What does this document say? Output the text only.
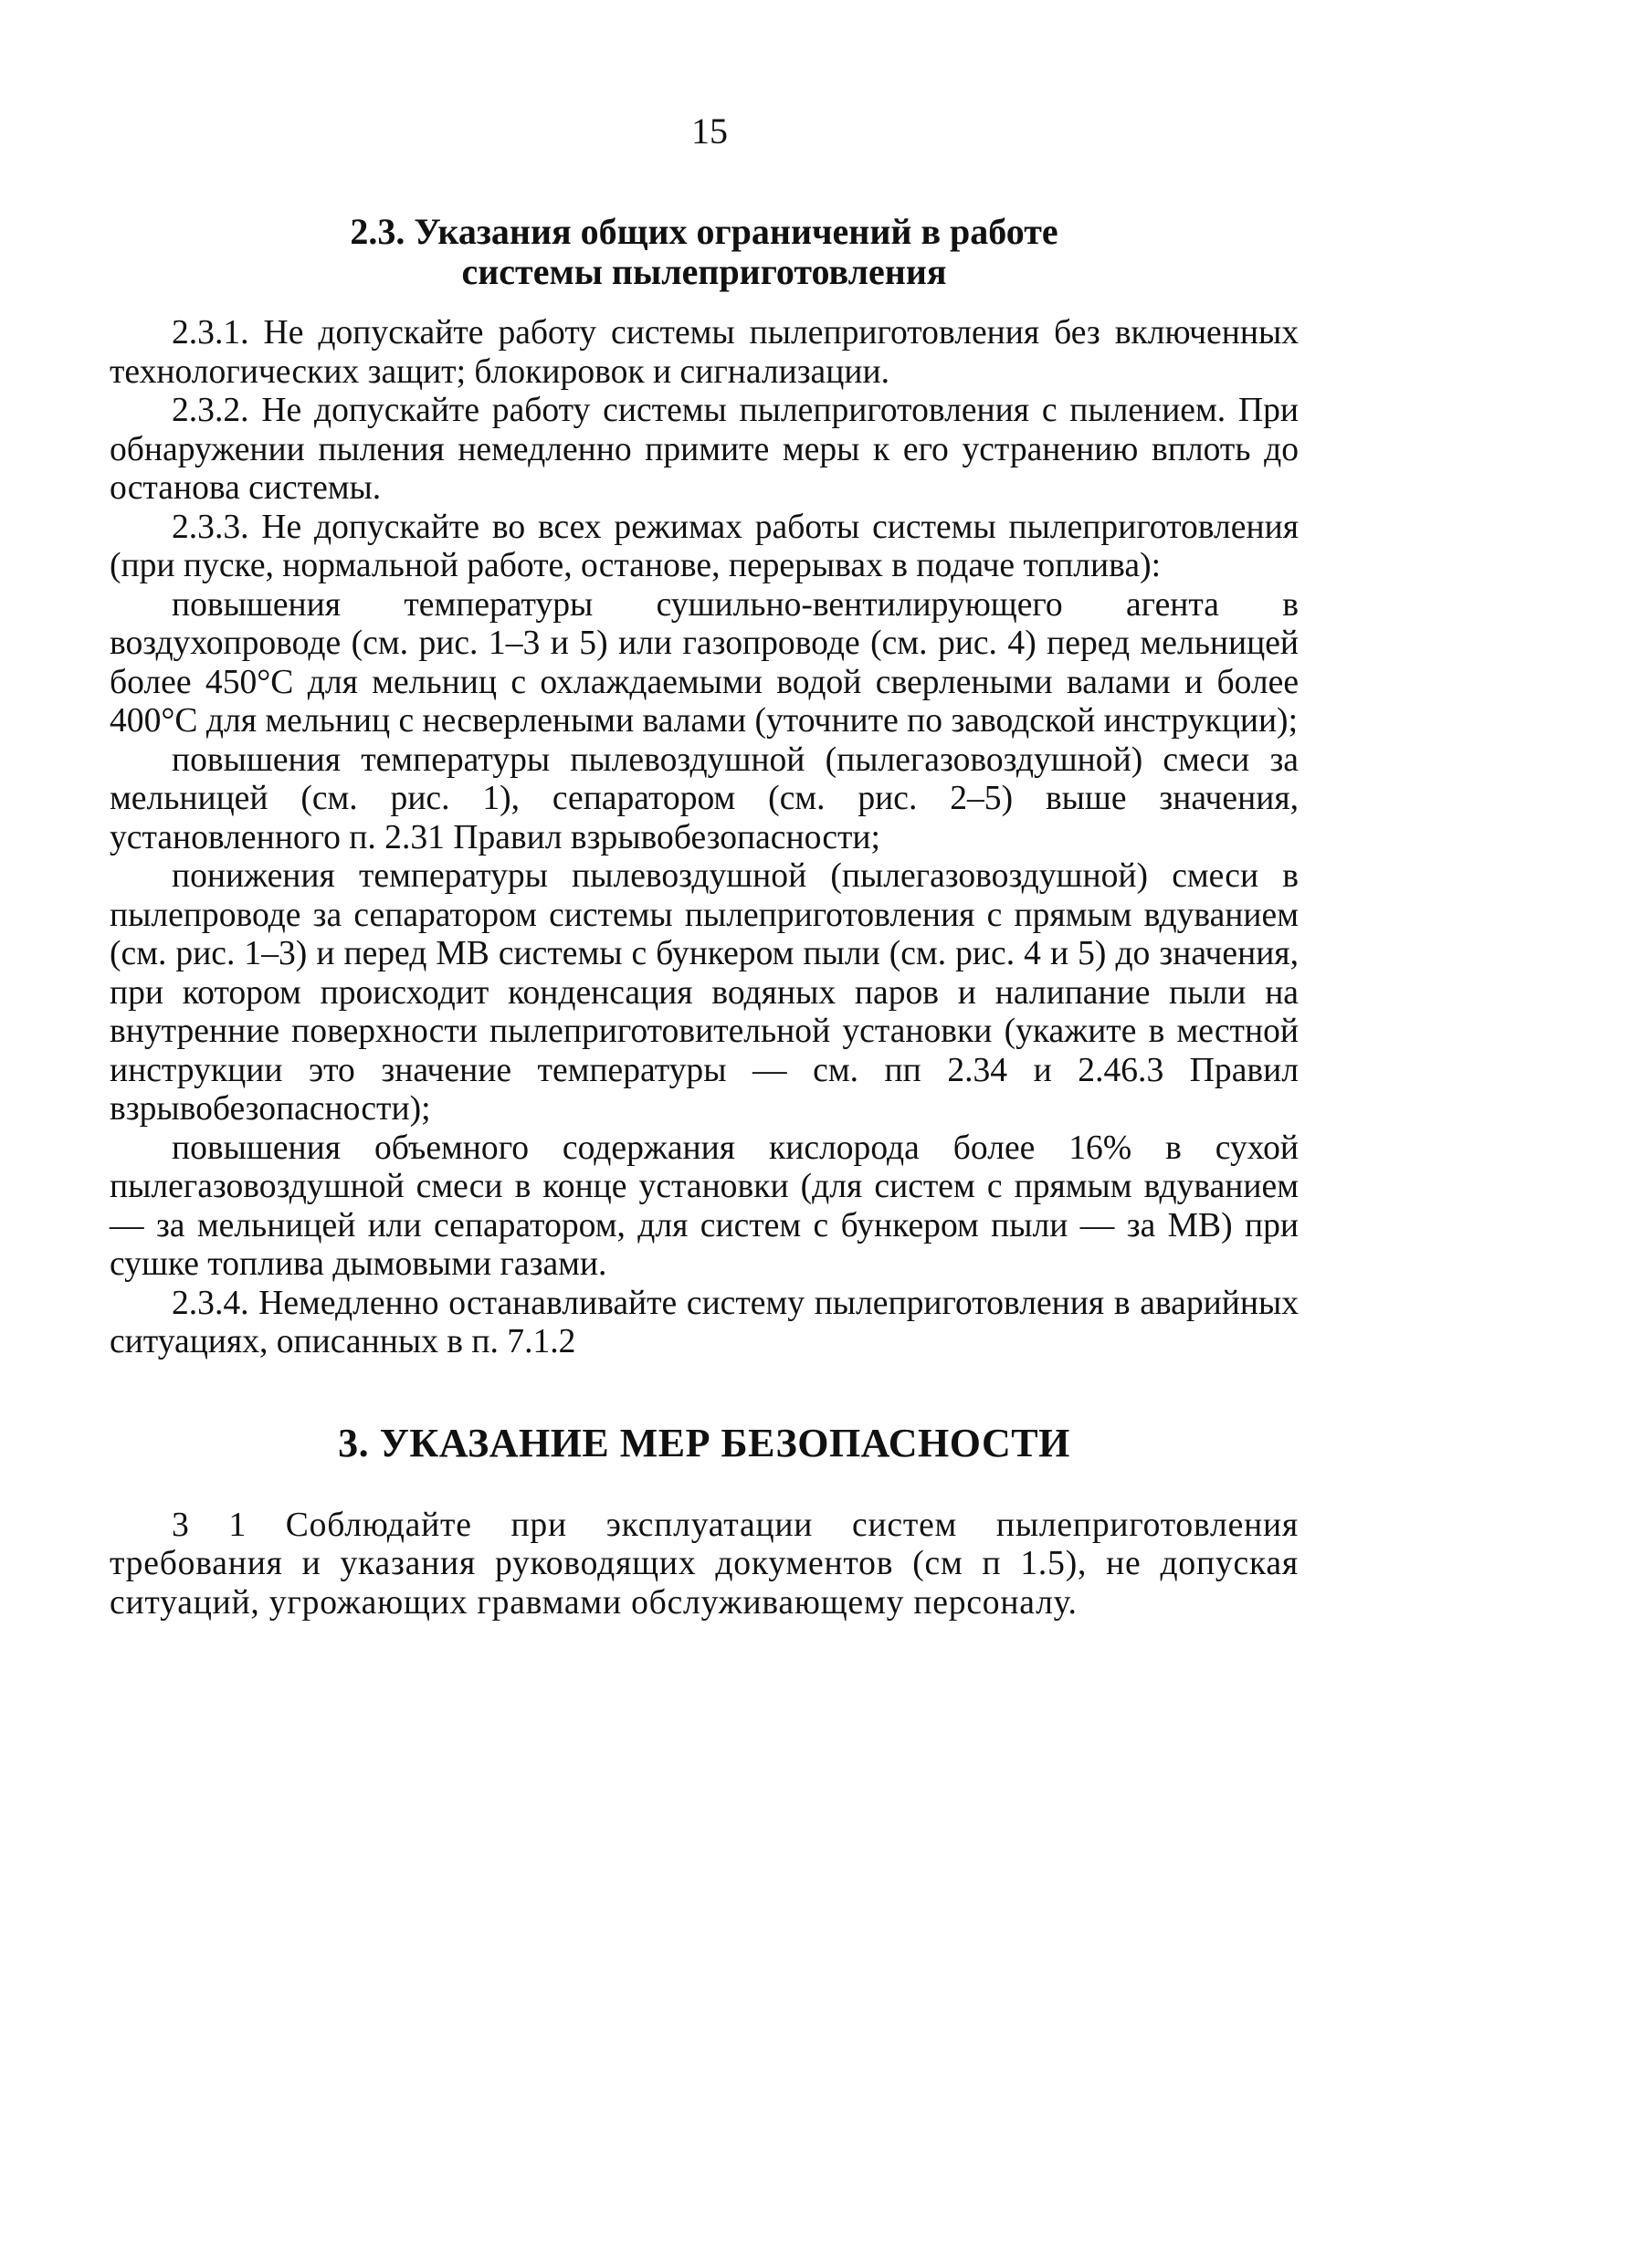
15
2.3. Указания общих ограничений в работе
системы пылеприготовления

2.3.1. Не допускайте работу системы пылеприготовления без включенных технологических защит; блокировок и сигнализации.

2.3.2. Не допускайте работу системы пылеприготовления с пылением. При обнаружении пыления немедленно примите меры к его устранению вплоть до останова системы.

2.3.3. Не допускайте во всех режимах работы системы пылеприготовления (при пуске, нормальной работе, останове, перерывах в подаче топлива):

повышения температуры сушильно-вентилирующего агента в воздухопроводе (см. рис. 1–3 и 5) или газопроводе (см. рис. 4) перед мельницей более 450°С для мельниц с охлаждаемыми водой сверлеными валами и более 400°С для мельниц с несверлеными валами (уточните по заводской инструкции);

повышения температуры пылевоздушной (пылегазовоздушной) смеси за мельницей (см. рис. 1), сепаратором (см. рис. 2–5) выше значения, установленного п. 2.31 Правил взрывобезопасности;

понижения температуры пылевоздушной (пылегазовоздушной) смеси в пылепроводе за сепаратором системы пылеприготовления с прямым вдуванием (см. рис. 1–3) и перед МВ системы с бункером пыли (см. рис. 4 и 5) до значения, при котором происходит конденсация водяных паров и налипание пыли на внутренние поверхности пылеприготовительной установки (укажите в местной инструкции это значение температуры — см. пп 2.34 и 2.46.3 Правил взрывобезопасности);

повышения объемного содержания кислорода более 16% в сухой пылегазовоздушной смеси в конце установки (для систем с прямым вдуванием — за мельницей или сепаратором, для систем с бункером пыли — за МВ) при сушке топлива дымовыми газами.

2.3.4. Немедленно останавливайте систему пылеприготовления в аварийных ситуациях, описанных в п. 7.1.2

3. УКАЗАНИЕ МЕР БЕЗОПАСНОСТИ

3 1 Соблюдайте при эксплуатации систем пылеприготовления требования и указания руководящих документов (см п 1.5), не допуская ситуаций, угрожающих гравмами обслуживающему персоналу.
